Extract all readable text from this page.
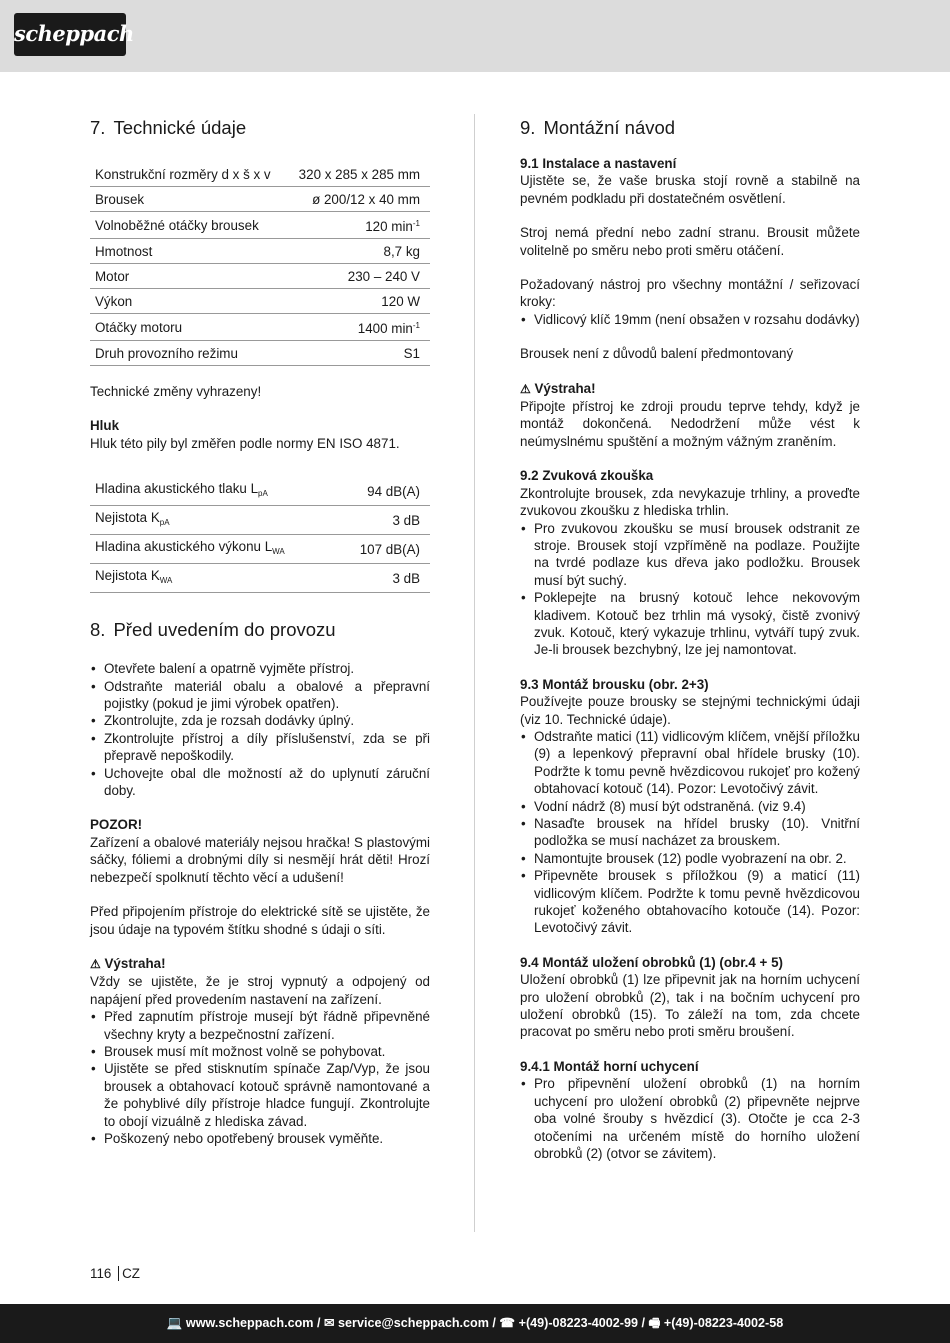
scheppach
7. Technické údaje
Konstrukční rozměry d x š x v	320 x 285 x 285 mm
Brousek	ø 200/12 x 40 mm
Volnoběžné otáčky brousek	120 $\min^{-1}$
Hmotnost	8,7 kg
Motor	230 – 240 V
Výkon	120 W
Otáčky motoru	1400 $\min^{-1}$
Druh provozního režimu	S1

Technické změny vyhrazeny!

Hluk

Hluk této pily byl změřen podle normy EN ISO 4871.

Hladina akustického tlaku $L_{pA}$	94 dB(A)
Nejistota $K_{pA}$	3 dB
Hladina akustického výkonu $L_{WA}$	107 dB(A)
Nejistota $K_{WA}$	3 dB
8. Před uvedením do provozu
• Otevřete balení a opatrně vyjměte přístroj.
• Odstraňte materiál obalu a obalové a přepravní pojistky (pokud je jimi výrobek opatřen).
• Zkontrolujte, zda je rozsah dodávky úplný.
• Zkontrolujte přístroj a díly příslušenství, zda se při přepravě nepoškodily.
• Uchovejte obal dle možností až do uplynutí záruční doby.
POZOR!

Zařízení a obalové materiály nejsou hračka! S plastovými sáčky, fóliemi a drobnými díly si nesmějí hrát děti! Hrozí nebezpečí spolknutí těchto věcí a udušení!

Před připojením přístroje do elektrické sítě se ujistěte, že jsou údaje na typovém štítku shodné s údaji o síti.

⚠ Výstraha!

Vždy se ujistěte, že je stroj vypnutý a odpojený od napájení před provedením nastavení na zařízení.

• Před zapnutím přístroje musejí být řádně připevněné všechny kryty a bezpečnostní zařízení.
• Brousek musí mít možnost volně se pohybovat.
• Ujistěte se před stisknutím spínače Zap/Vyp, že jsou brousek a obtahovací kotouč správně namontované a že pohyblivé díly přístroje hladce fungují. Zkontrolujte to obojí vizuálně z hlediska závad.
• Poškozený nebo opotřebený brousek vyměňte.
9. Montážní návod
9.1 Instalace a nastavení

Ujistěte se, že vaše bruska stojí rovně a stabilně na pevném podkladu při dostatečném osvětlení.

Stroj nemá přední nebo zadní stranu. Brousit můžete volitelně po směru nebo proti směru otáčení.

Požadovaný nástroj pro všechny montážní / seřizovací kroky:

• Vidlicový klíč 19mm (není obsažen v rozsahu dodávky)

Brousek není z důvodů balení předmontovaný

⚠ Výstraha!

Připojte přístroj ke zdroji proudu teprve tehdy, když je montáž dokončená. Nedodržení může vést k neúmyslnému spuštění a možným vážným zraněním.

9.2 Zvuková zkouška

Zkontrolujte brousek, zda nevykazuje trhliny, a proveďte zvukovou zkoušku z hlediska trhlin.

• Pro zvukovou zkoušku se musí brousek odstranit ze stroje. Brousek stojí vzpříměně na podlaze. Použijte na tvrdé podlaze kus dřeva jako podložku. Brousek musí být suchý.
• Poklepejte na brusný kotouč lehce nekovovým kladivem. Kotouč bez trhlin má vysoký, čistě zvonivý zvuk. Kotouč, který vykazuje trhlinu, vytváří tupý zvuk. Je-li brousek bezchybný, lze jej namontovat.
9.3 Montáž brousku (obr. 2+3)

Používejte pouze brousky se stejnými technickými údaji (viz 10. Technické údaje).

• Odstraňte matici (11) vidlicovým klíčem, vnější příložku (9) a lepenkový přepravní obal hřídele brusky (10). Podržte k tomu pevně hvězdicovou rukojeť pro kožený obtahovací kotouč (14). Pozor: Levotočivý závit.
• Vodní nádrž (8) musí být odstraněná. (viz 9.4)
• Nasaďte brousek na hřídel brusky (10). Vnitřní podložka se musí nacházet za brouskem.
• Namontujte brousek (12) podle vyobrazení na obr. 2.
• Připevněte brousek s příložkou (9) a maticí (11) vidlicovým klíčem. Podržte k tomu pevně hvězdicovou rukojeť koženého obtahovacího kotouče (14). Pozor: Levotočivý závit.
9.4 Montáž uložení obrobků (1) (obr.4 + 5)

Uložení obrobků (1) lze připevnit jak na horním uchycení pro uložení obrobků (2), tak i na bočním uchycení pro uložení obrobků (15). To záleží na tom, zda chcete pracovat po směru nebo proti směru broušení.

9.4.1 Montáž horní uchycení
• Pro připevnění uložení obrobků (1) na horním uchycení pro uložení obrobků (2) připevněte nejprve oba volné šrouby s hvězdicí (3). Otočte je cca 2-3 otočeními na určeném místě do horního uložení obrobků (2) (otvor se závitem).
116 CZ
💻 www.scheppach.com / ✉ service@scheppach.com / ☎ +(49)-08223-4002-99 / 🖷 +(49)-08223-4002-58
